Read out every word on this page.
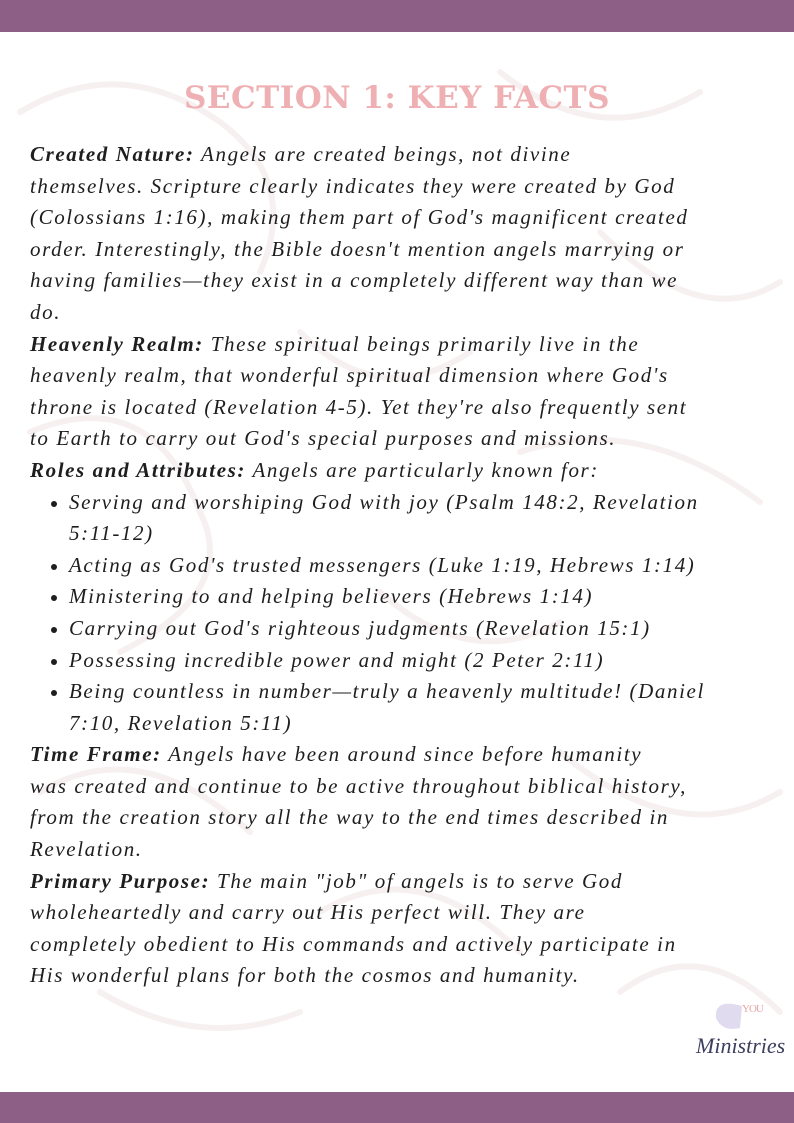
SECTION 1: KEY FACTS
Created Nature: Angels are created beings, not divine
themselves. Scripture clearly indicates they were created by God
(Colossians 1:16), making them part of God's magnificent created
order. Interestingly, the Bible doesn't mention angels marrying or
having families—they exist in a completely different way than we
do.
Heavenly Realm: These spiritual beings primarily live in the
heavenly realm, that wonderful spiritual dimension where God's
throne is located (Revelation 4-5). Yet they're also frequently sent
to Earth to carry out God's special purposes and missions.
Roles and Attributes: Angels are particularly known for:
Serving and worshiping God with joy (Psalm 148:2, Revelation
5:11-12)
Acting as God's trusted messengers (Luke 1:19, Hebrews 1:14)
Ministering to and helping believers (Hebrews 1:14)
Carrying out God's righteous judgments (Revelation 15:1)
Possessing incredible power and might (2 Peter 2:11)
Being countless in number—truly a heavenly multitude! (Daniel
7:10, Revelation 5:11)
Time Frame: Angels have been around since before humanity
was created and continue to be active throughout biblical history,
from the creation story all the way to the end times described in
Revelation.
Primary Purpose: The main "job" of angels is to serve God
wholeheartedly and carry out His perfect will. They are
completely obedient to His commands and actively participate in
His wonderful plans for both the cosmos and humanity.
YOU
Ministries
